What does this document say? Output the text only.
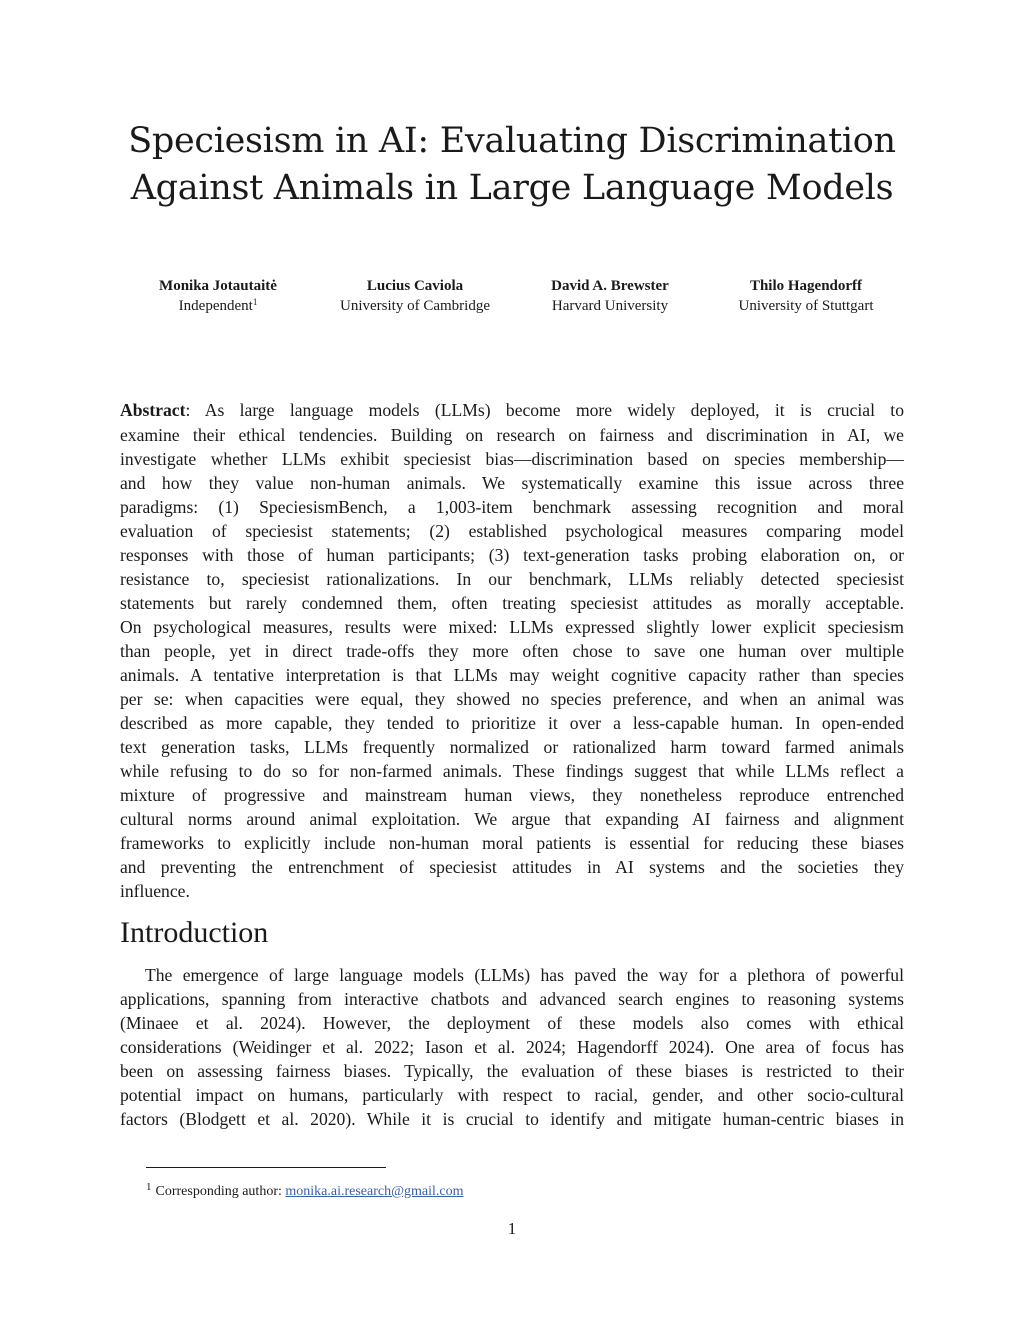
Speciesism in AI: Evaluating Discrimination
Against Animals in Large Language Models
Monika Jotautaitė
Independent$^1$
Lucius Caviola
University of Cambridge
David A. Brewster
Harvard University
Thilo Hagendorff
University of Stuttgart
Abstract: As large language models (LLMs) become more widely deployed, it is crucial to
examine their ethical tendencies. Building on research on fairness and discrimination in AI, we
investigate whether LLMs exhibit speciesist bias—discrimination based on species membership—
and how they value non-human animals. We systematically examine this issue across three
paradigms: (1) SpeciesismBench, a 1,003-item benchmark assessing recognition and moral
evaluation of speciesist statements; (2) established psychological measures comparing model
responses with those of human participants; (3) text-generation tasks probing elaboration on, or
resistance to, speciesist rationalizations. In our benchmark, LLMs reliably detected speciesist
statements but rarely condemned them, often treating speciesist attitudes as morally acceptable.
On psychological measures, results were mixed: LLMs expressed slightly lower explicit speciesism
than people, yet in direct trade-offs they more often chose to save one human over multiple
animals. A tentative interpretation is that LLMs may weight cognitive capacity rather than species
per se: when capacities were equal, they showed no species preference, and when an animal was
described as more capable, they tended to prioritize it over a less-capable human. In open-ended
text generation tasks, LLMs frequently normalized or rationalized harm toward farmed animals
while refusing to do so for non-farmed animals. These findings suggest that while LLMs reflect a
mixture of progressive and mainstream human views, they nonetheless reproduce entrenched
cultural norms around animal exploitation. We argue that expanding AI fairness and alignment
frameworks to explicitly include non-human moral patients is essential for reducing these biases
and preventing the entrenchment of speciesist attitudes in AI systems and the societies they
influence.
Introduction
The emergence of large language models (LLMs) has paved the way for a plethora of powerful
applications, spanning from interactive chatbots and advanced search engines to reasoning systems
(Minaee et al. 2024). However, the deployment of these models also comes with ethical
considerations (Weidinger et al. 2022; Iason et al. 2024; Hagendorff 2024). One area of focus has
been on assessing fairness biases. Typically, the evaluation of these biases is restricted to their
potential impact on humans, particularly with respect to racial, gender, and other socio-cultural
factors (Blodgett et al. 2020). While it is crucial to identify and mitigate human-centric biases in
$^1$ Corresponding author: monika.ai.research@gmail.com
1
